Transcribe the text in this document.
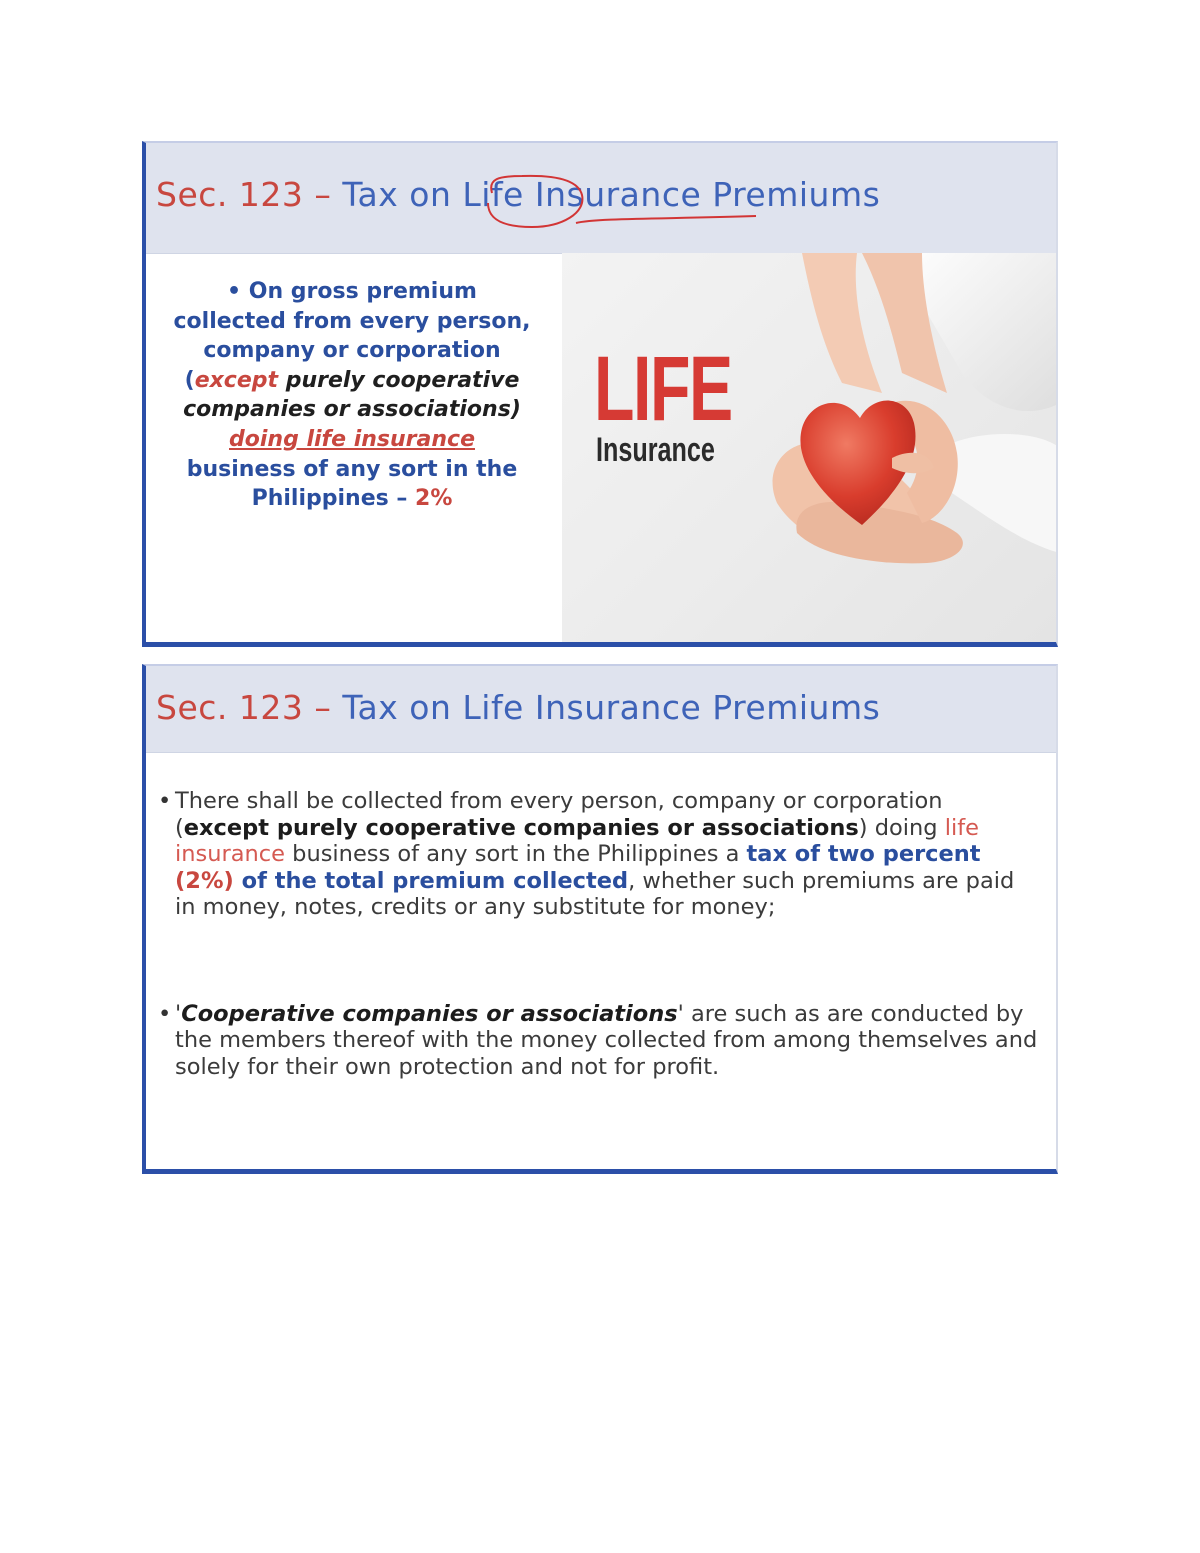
Sec. 123 – Tax on Life Insurance Premiums
• On gross premium collected from every person, company or corporation (except purely cooperative companies or associations) doing life insurance business of any sort in the Philippines – 2%
LIFE
Insurance
Sec. 123 – Tax on Life Insurance Premiums
• There shall be collected from every person, company or corporation (except purely cooperative companies or associations) doing life insurance business of any sort in the Philippines a tax of two percent (2%) of the total premium collected, whether such premiums are paid in money, notes, credits or any substitute for money;
• 'Cooperative companies or associations' are such as are conducted by the members thereof with the money collected from among themselves and solely for their own protection and not for profit.
